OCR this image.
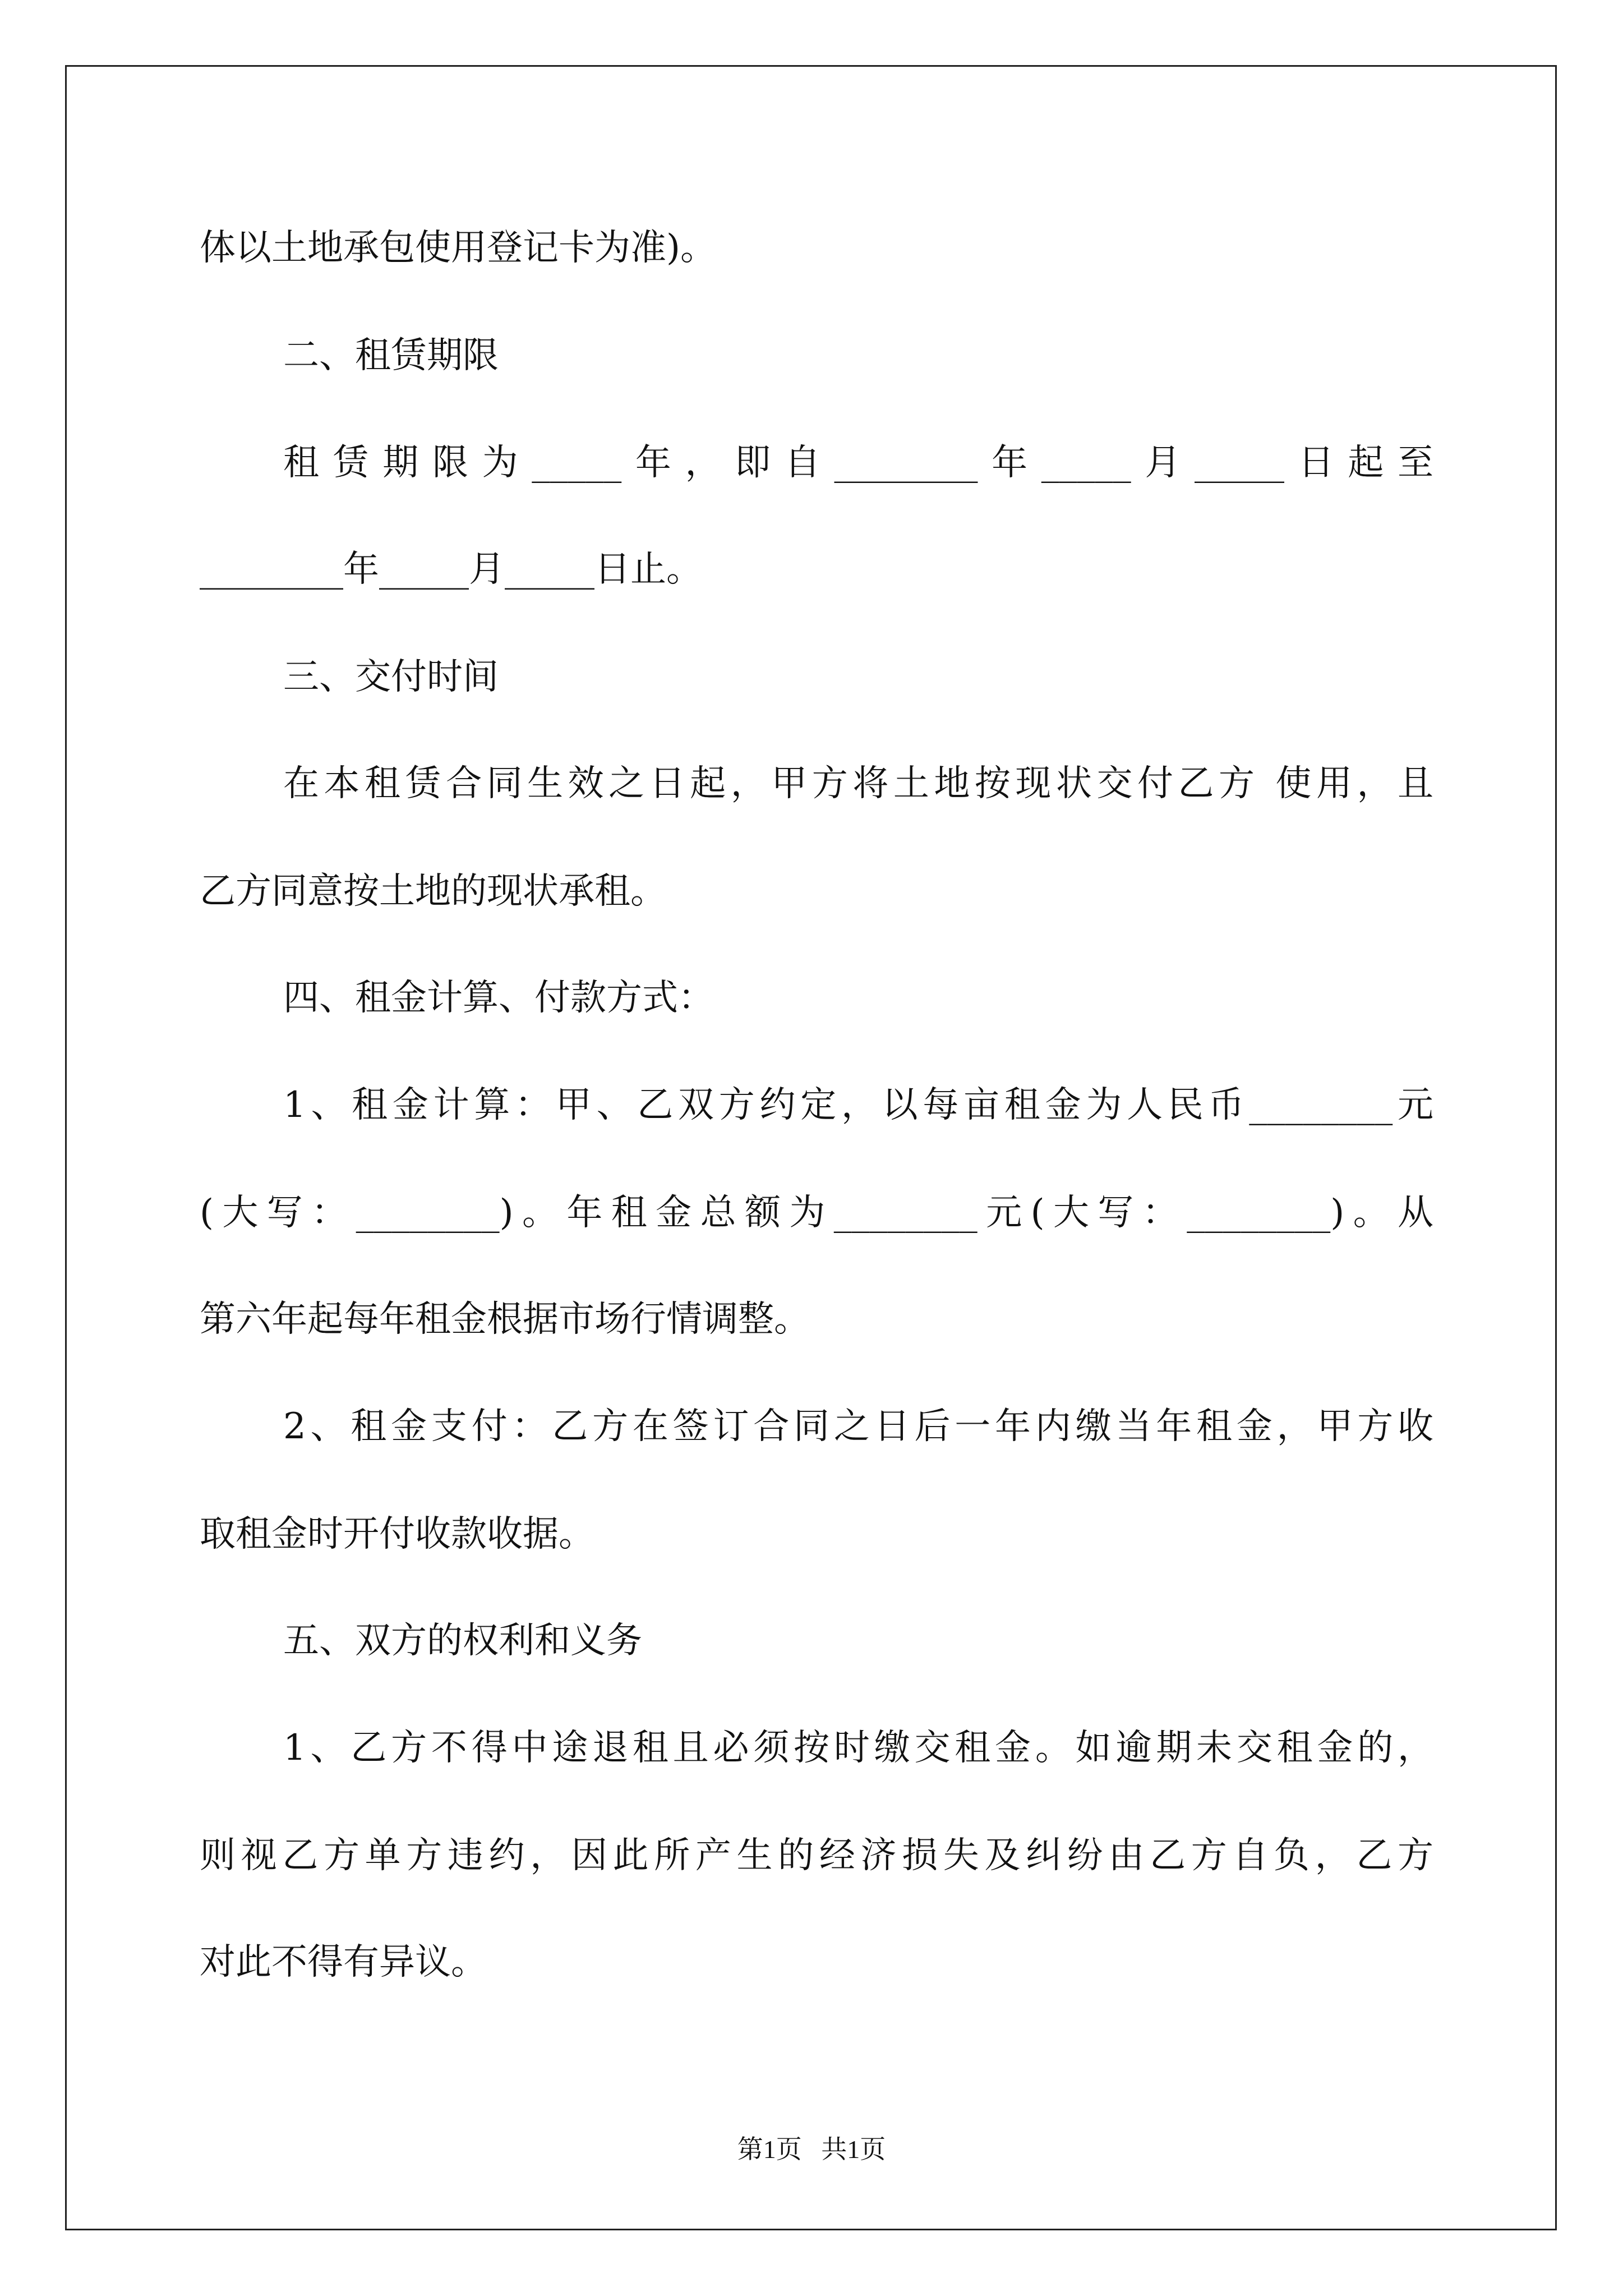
体以土地承包使用登记卡为准)。
二、租赁期限
租赁期限为_____年，即自________年_____月_____日起至
________年_____月_____日止。
三、交付时间
在本租赁合同生效之日起，甲方将土地按现状交付乙方 使用，且
乙方同意按土地的现状承租。
四、租金计算、付款方式：
1、租金计算：甲、乙双方约定，以每亩租金为人民币________元
(大写：________)。年租金总额为________元(大写：________)。从
第六年起每年租金根据市场行情调整。
2、租金支付：乙方在签订合同之日后一年内缴当年租金，甲方收
取租金时开付收款收据。
五、双方的权利和义务
1、乙方不得中途退租且必须按时缴交租金。如逾期未交租金的，
则视乙方单方违约，因此所产生的经济损失及纠纷由乙方自负，乙方
对此不得有异议。
第1页   共1页
